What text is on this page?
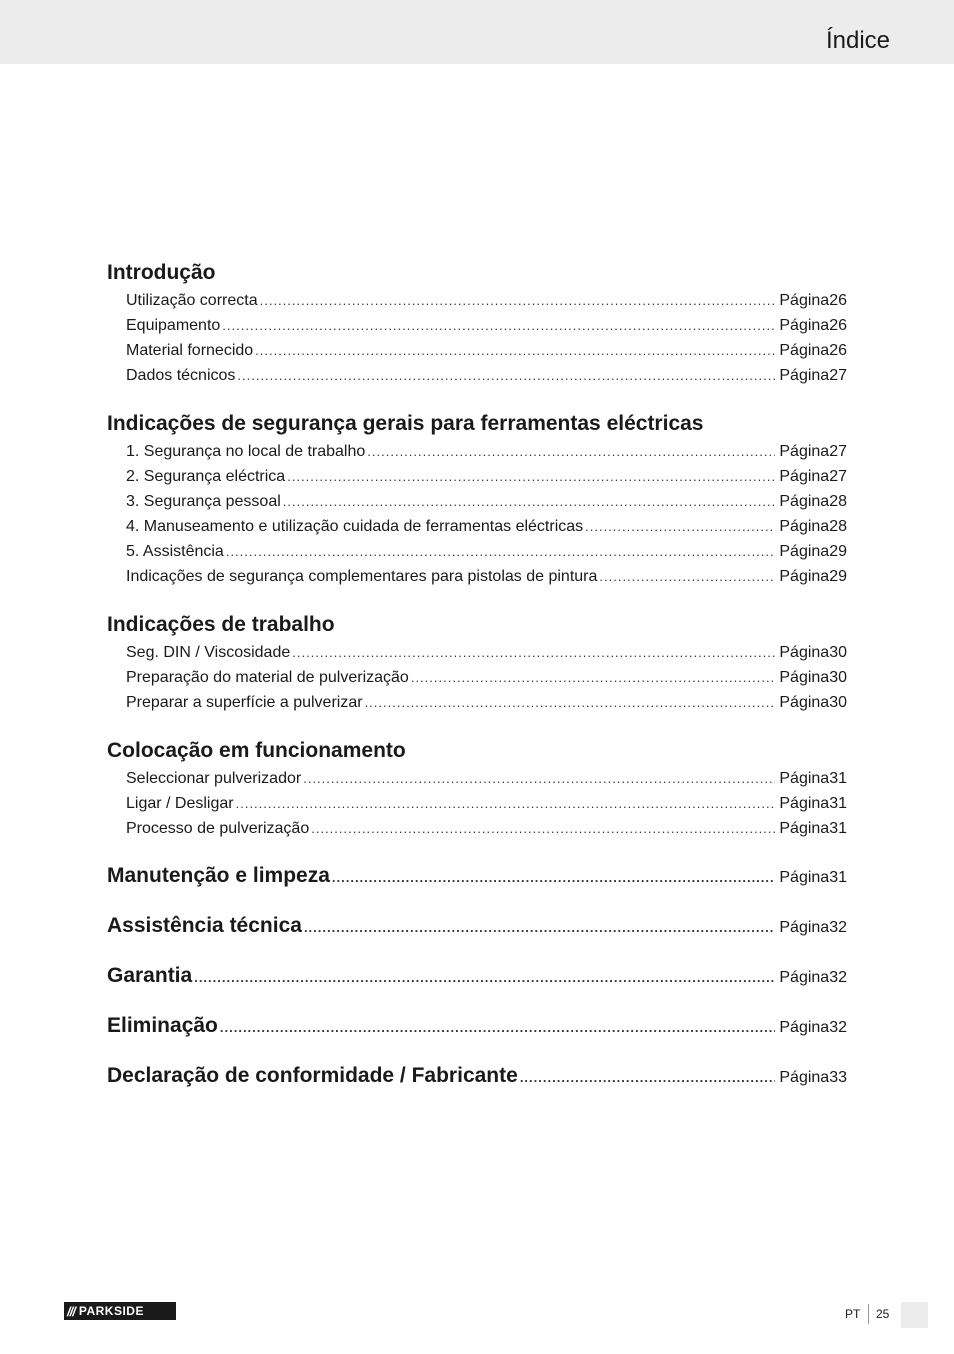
Índice
Introdução
Utilização correcta .....	Página 26
Equipamento .....	Página 26
Material fornecido .....	Página 26
Dados técnicos .....	Página 27
Indicações de segurança gerais para ferramentas eléctricas
1. Segurança no local de trabalho .....	Página 27
2. Segurança eléctrica .....	Página 27
3. Segurança pessoal .....	Página 28
4. Manuseamento e utilização cuidada de ferramentas eléctricas .....	Página 28
5. Assistência .....	Página 29
Indicações de segurança complementares para pistolas de pintura .....	Página 29
Indicações de trabalho
Seg. DIN / Viscosidade .....	Página 30
Preparação do material de pulverização .....	Página 30
Preparar a superfície a pulverizar .....	Página 30
Colocação em funcionamento
Seleccionar pulverizador .....	Página 31
Ligar / Desligar .....	Página 31
Processo de pulverização .....	Página 31
Manutenção e limpeza .....	Página 31
Assistência técnica .....	Página 32
Garantia .....	Página 32
Eliminação .....	Página 32
Declaração de conformidade / Fabricante .....	Página 33
/// PARKSIDE	PT 25
